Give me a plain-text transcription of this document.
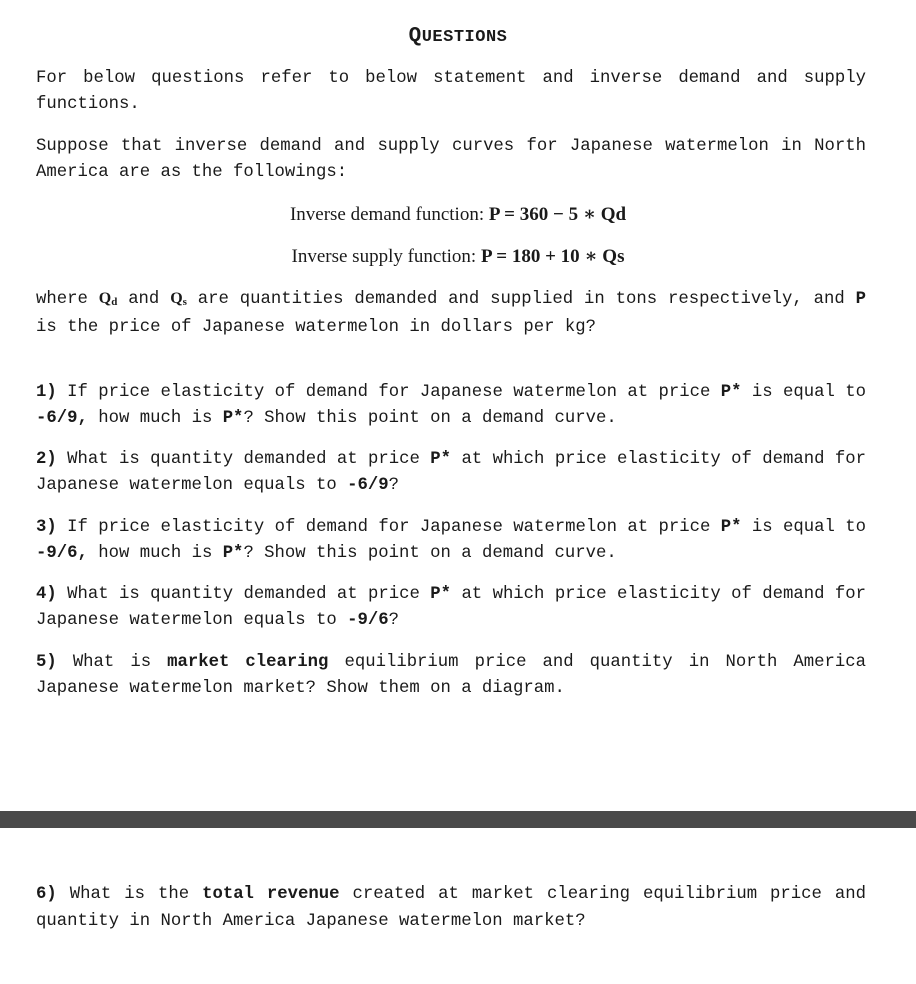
QUESTIONS

For below questions refer to below statement and inverse demand and supply functions.

Suppose that inverse demand and supply curves for Japanese watermelon in North America are as the followings:

Inverse demand function: P = 360 − 5 ∗ Qd
Inverse supply function: P = 180 + 10 ∗ Qs

where $Q_d$ and $Q_s$ are quantities demanded and supplied in tons respectively, and P is the price of Japanese watermelon in dollars per kg?

1) If price elasticity of demand for Japanese watermelon at price P* is equal to -6/9, how much is P*? Show this point on a demand curve.

2) What is quantity demanded at price P* at which price elasticity of demand for Japanese watermelon equals to -6/9?

3) If price elasticity of demand for Japanese watermelon at price P* is equal to -9/6, how much is P*? Show this point on a demand curve.

4) What is quantity demanded at price P* at which price elasticity of demand for Japanese watermelon equals to -9/6?

5) What is market clearing equilibrium price and quantity in North America Japanese watermelon market? Show them on a diagram.

6) What is the total revenue created at market clearing equilibrium price and quantity in North America Japanese watermelon market?
